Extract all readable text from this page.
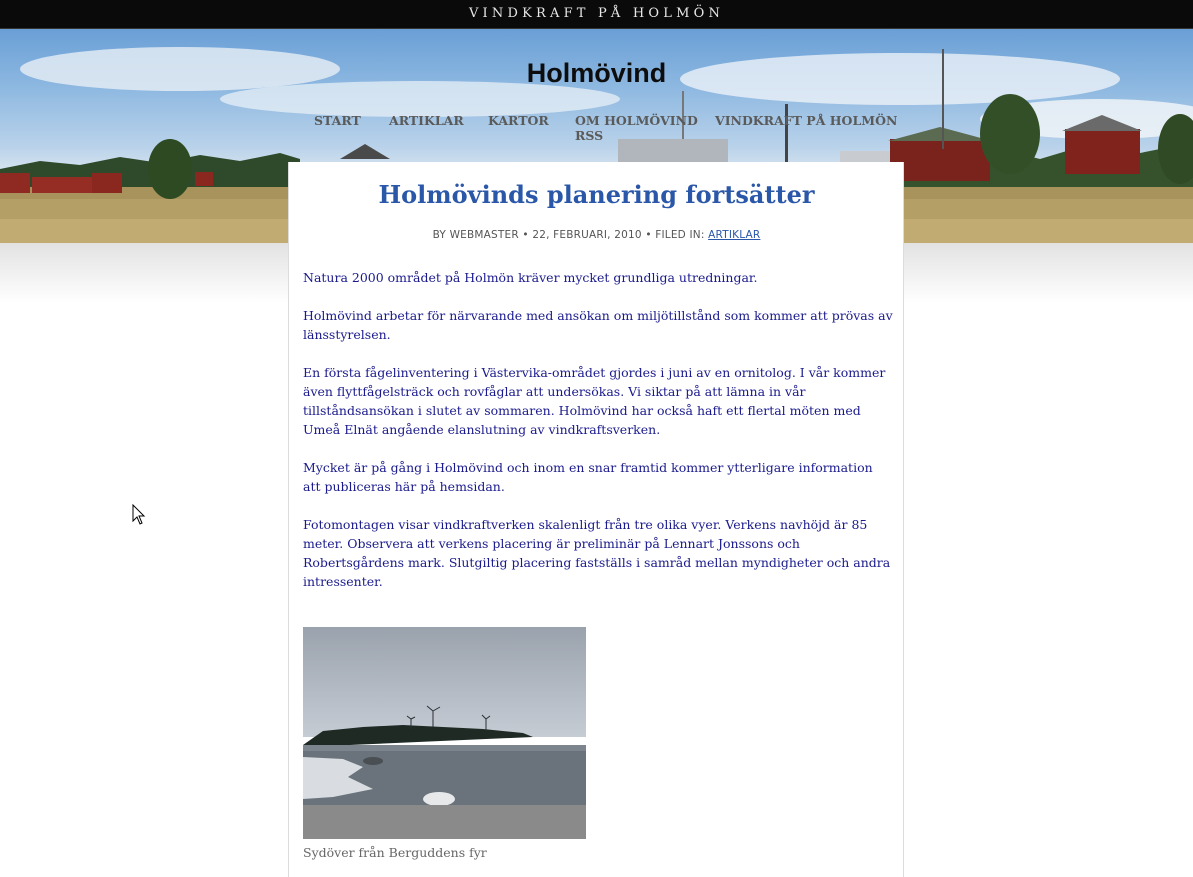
VINDKRAFT PÅ HOLMÖN
Holmövind
START ARTIKLAR KARTOR OM HOLMÖVIND VINDKRAFT PÅ HOLMÖN
RSS
Holmövinds planering fortsätter
BY WEBMASTER • 22, FEBRUARI, 2010 • FILED IN: ARTIKLAR

Natura 2000 området på Holmön kräver mycket grundliga utredningar.

Holmövind arbetar för närvarande med ansökan om miljötillstånd som kommer att prövas av länsstyrelsen.

En första fågelinventering i Västervika-området gjordes i juni av en ornitolog. I vår kommer även flyttfågelsträck och rovfåglar att undersökas. Vi siktar på att lämna in vår tillståndsansökan i slutet av sommaren. Holmövind har också haft ett flertal möten med Umeå Elnät angående elanslutning av vindkraftsverken.

Mycket är på gång i Holmövind och inom en snar framtid kommer ytterligare information att publiceras här på hemsidan.

Fotomontagen visar vindkraftverken skalenligt från tre olika vyer. Verkens navhöjd är 85 meter. Observera att verkens placering är preliminär på Lennart Jonssons och Robertsgårdens mark. Slutgiltig placering fastställs i samråd mellan myndigheter och andra intressenter.

Sydöver från Berguddens fyr
